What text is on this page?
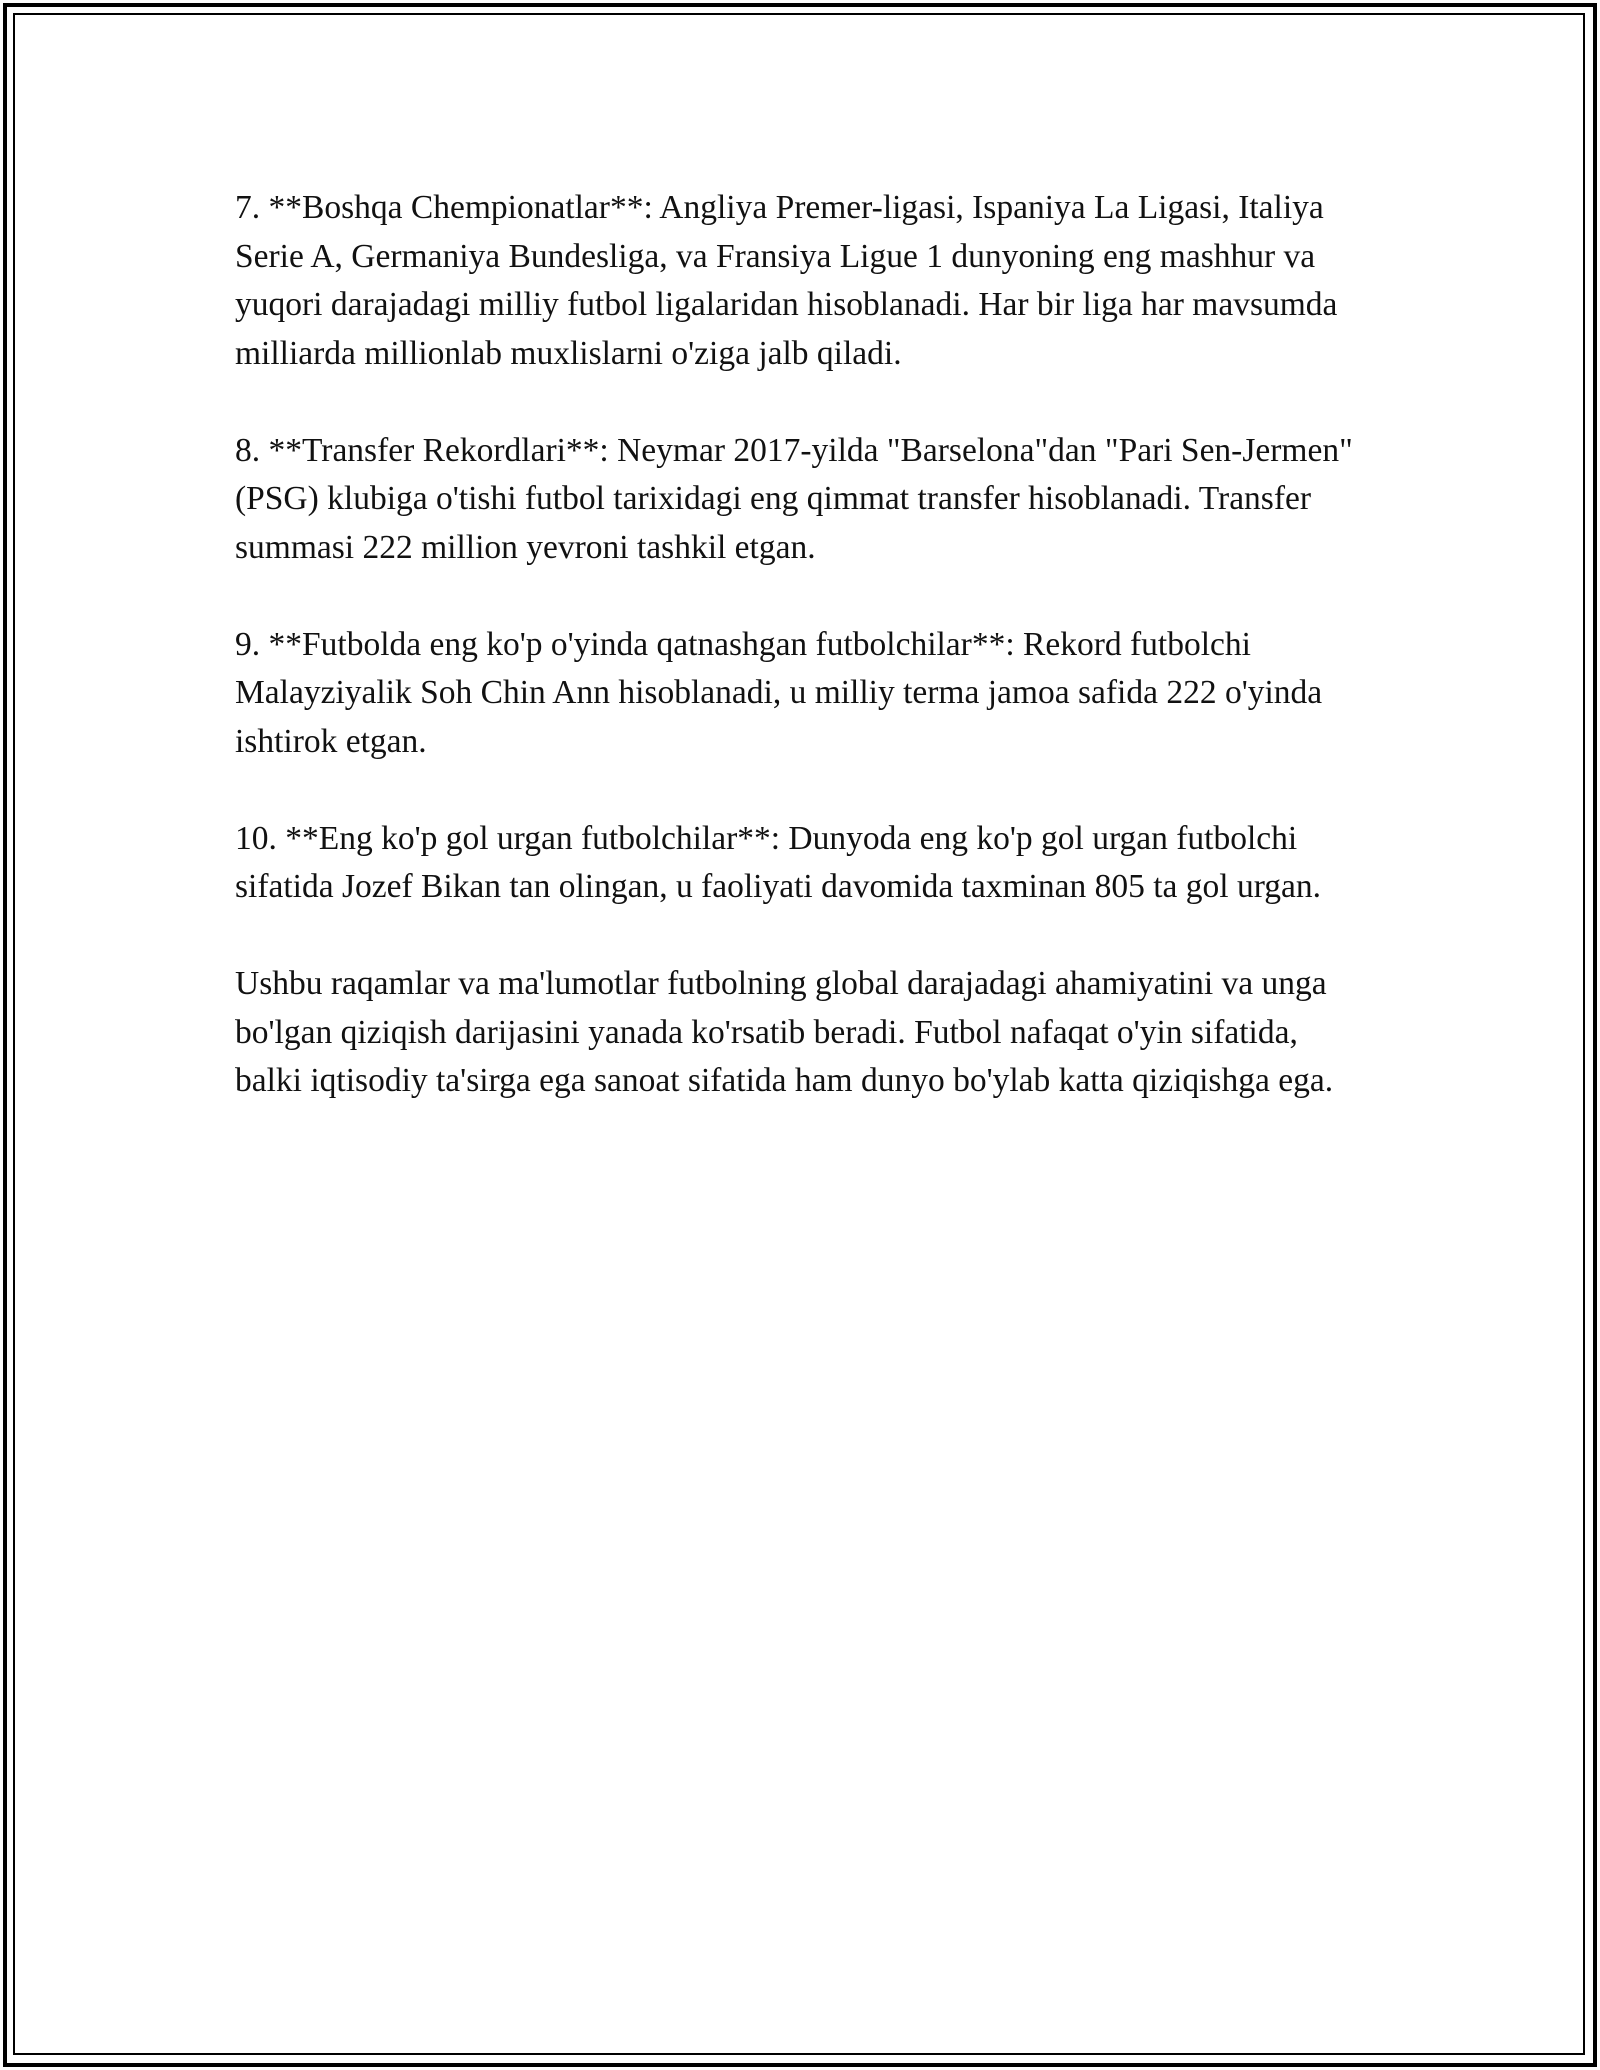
7. **Boshqa Chempionatlar**: Angliya Premer-ligasi, Ispaniya La Ligasi, Italiya Serie A, Germaniya Bundesliga, va Fransiya Ligue 1 dunyoning eng mashhur va yuqori darajadagi milliy futbol ligalaridan hisoblanadi. Har bir liga har mavsumda milliarda millionlab muxlislarni o'ziga jalb qiladi.

8. **Transfer Rekordlari**: Neymar 2017-yilda "Barselona"dan "Pari Sen-Jermen" (PSG) klubiga o'tishi futbol tarixidagi eng qimmat transfer hisoblanadi. Transfer summasi 222 million yevroni tashkil etgan.

9. **Futbolda eng ko'p o'yinda qatnashgan futbolchilar**: Rekord futbolchi Malayziyalik Soh Chin Ann hisoblanadi, u milliy terma jamoa safida 222 o'yinda ishtirok etgan.

10. **Eng ko'p gol urgan futbolchilar**: Dunyoda eng ko'p gol urgan futbolchi sifatida Jozef Bikan tan olingan, u faoliyati davomida taxminan 805 ta gol urgan.

Ushbu raqamlar va ma'lumotlar futbolning global darajadagi ahamiyatini va unga bo'lgan qiziqish darijasini yanada ko'rsatib beradi. Futbol nafaqat o'yin sifatida, balki iqtisodiy ta'sirga ega sanoat sifatida ham dunyo bo'ylab katta qiziqishga ega.
